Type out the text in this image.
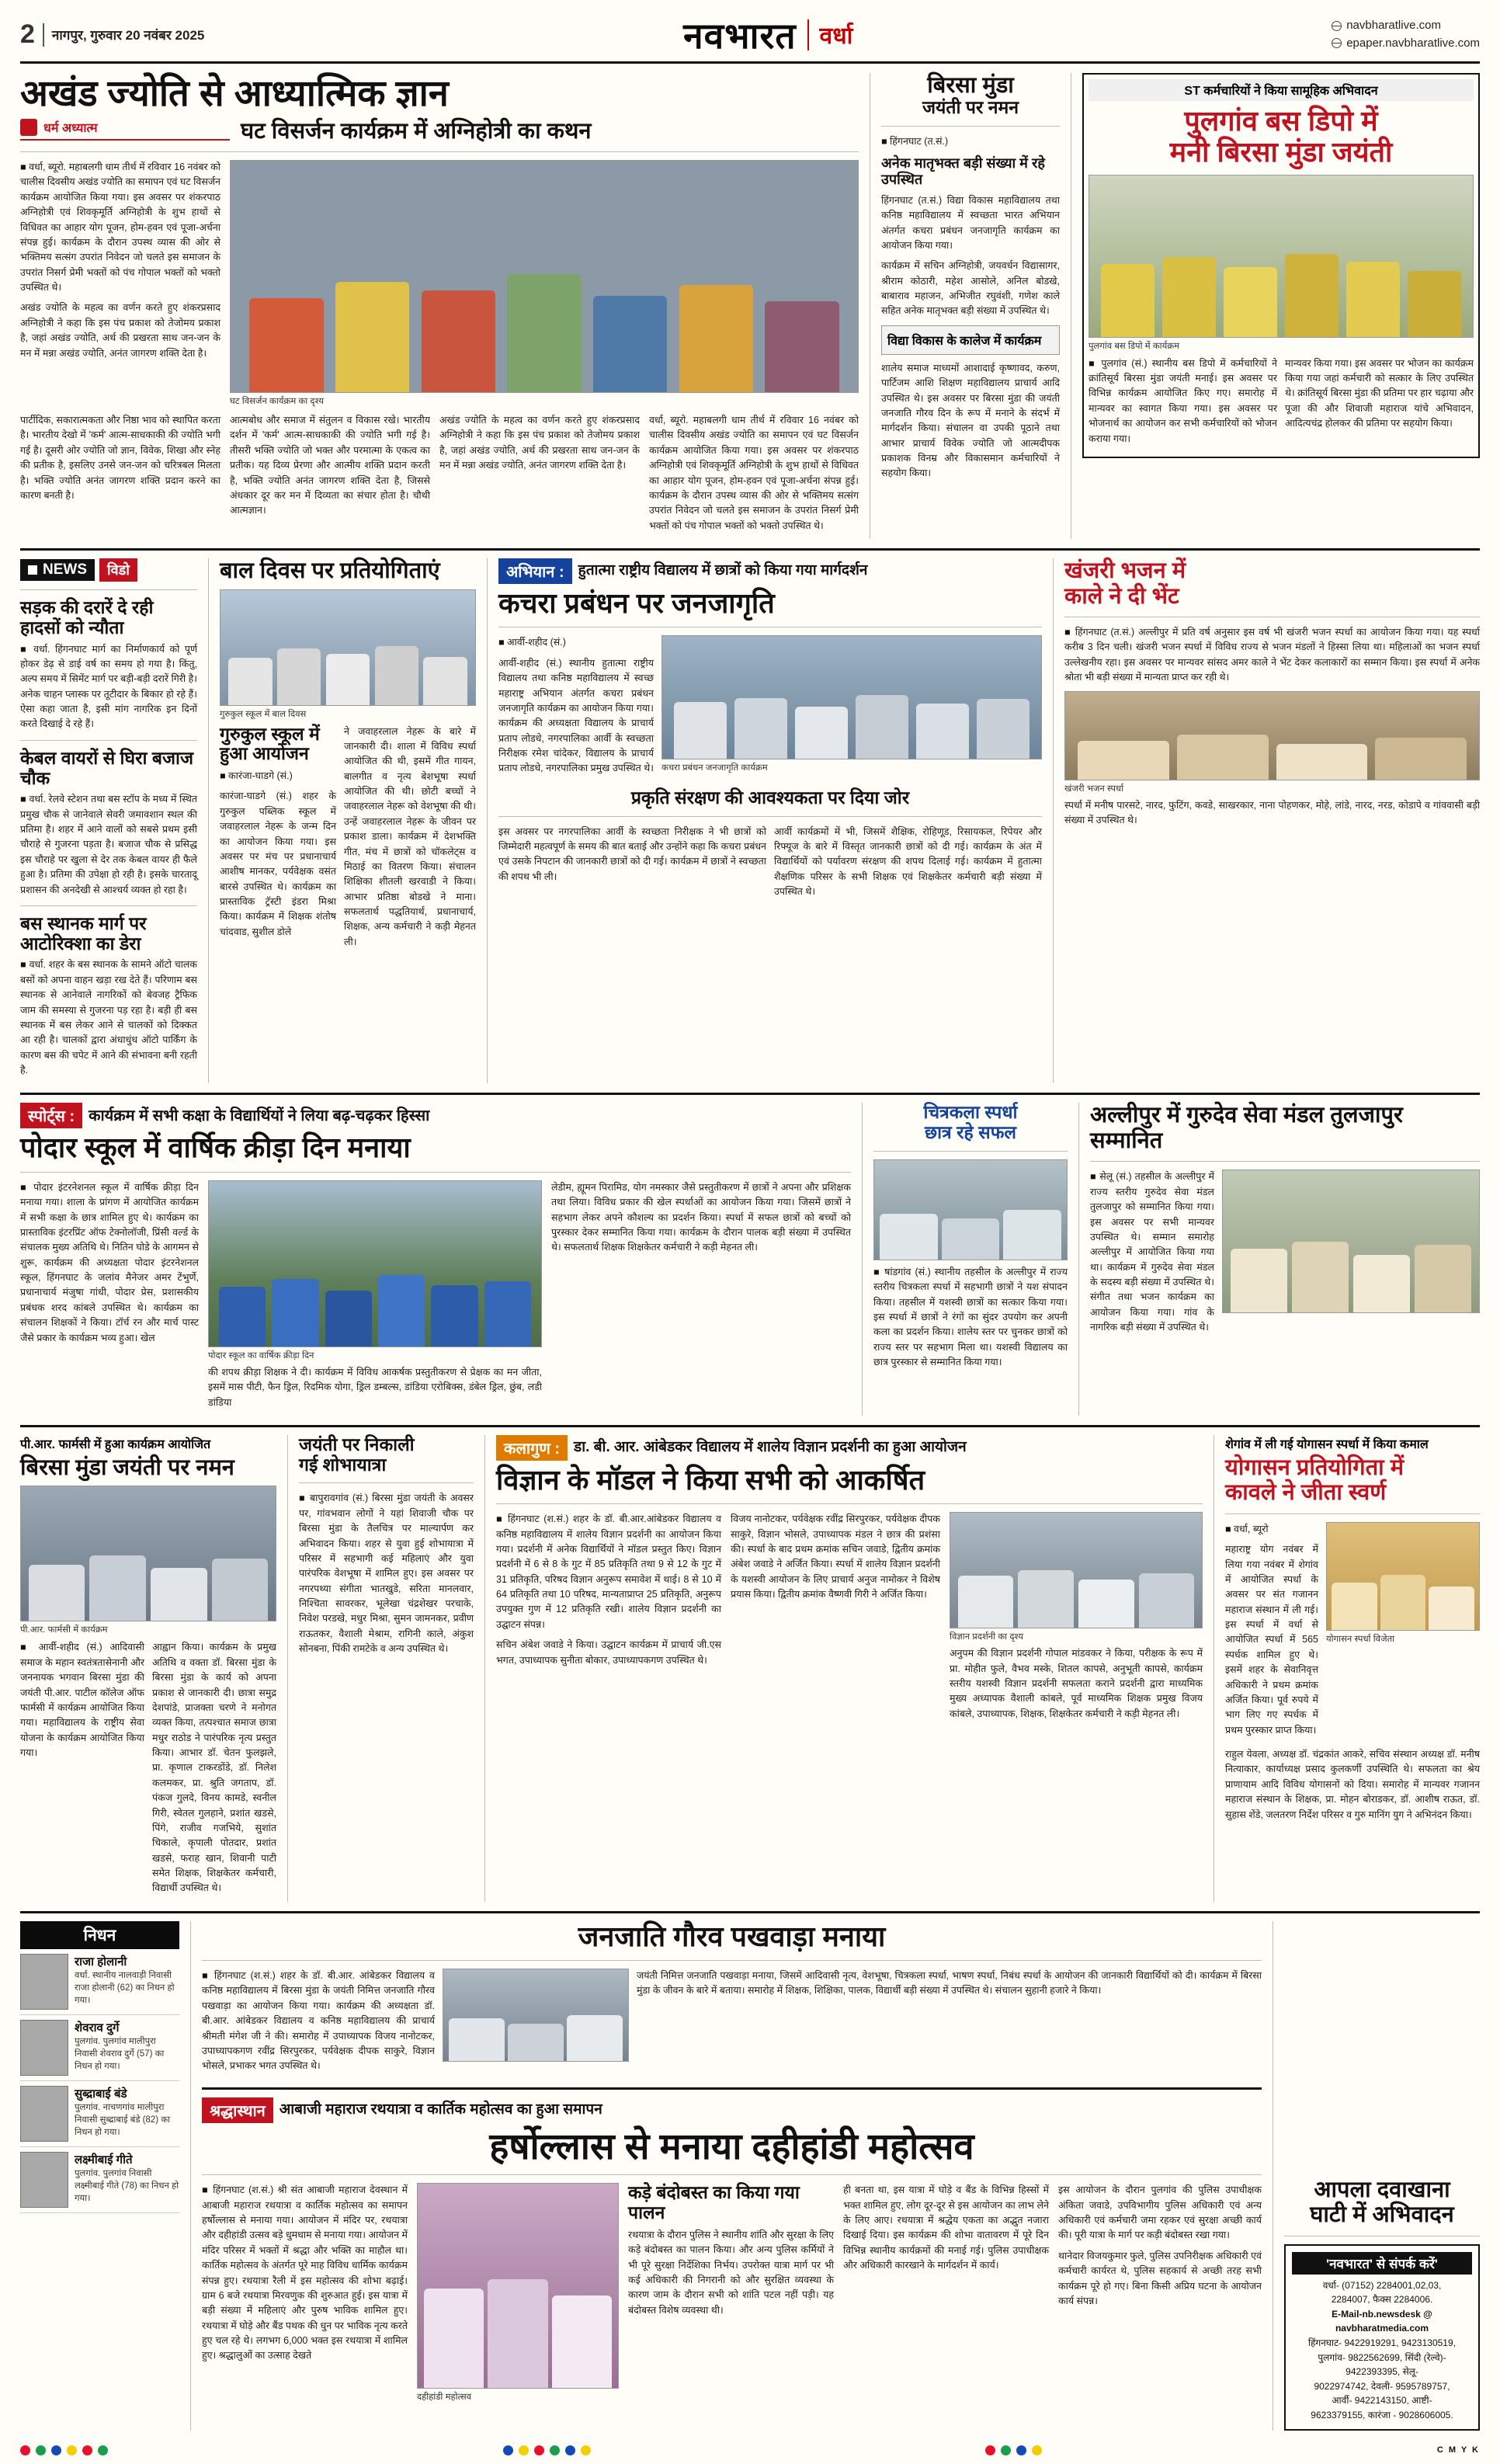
2 नागपुर, गुरुवार 20 नवंबर 2025	नवभारत वर्धा	navbharatlive.com
epaper.navbharatlive.com
अखंड ज्योति से आध्यात्मिक ज्ञान
धर्म अध्यात्म	घट विसर्जन कार्यक्रम में अग्निहोत्री का कथन

■ वर्धा, ब्यूरो. महाबलगी धाम तीर्थ में रविवार 16 नवंबर को चालीस दिवसीय अखंड ज्योति का समापन एवं घट विसर्जन कार्यक्रम आयोजित किया गया। इस अवसर पर शंकरपाठ अग्निहोत्री एवं शिवकृमूर्ति अग्निहोत्री के शुभ हाथों से विधिवत का आहार योग पूजन, होम-हवन एवं पूजा-अर्चना संपन्न हुई। कार्यक्रम के दौरान उपस्थ व्यास की ओर से भक्तिमय सत्संग उपरांत निवेदन जो चलते इस समाजन के उपरांत निसर्ग प्रेमी भक्तों को पंच गोपाल भक्तों को भक्तो उपस्थित थे।

अखंड ज्योति के महत्व का वर्णन करते हुए शंकरप्रसाद अग्निहोत्री ने कहा कि इस पंच प्रकाश को तेजोमय प्रकाश है, जहां अखंड ज्योति, अर्थ की प्रखरता साथ जन-जन के मन में मन्ना अखंड ज्योति, अनंत जागरण शक्ति देता है।

घट विसर्जन कार्यक्रम का दृश्य

पार्टीदिक, सकारात्मकता और निष्ठा भाव को स्थापित करता है। भारतीय देखो में 'कर्म' आत्म-साधकाकी की ज्योति भगी गई है। दूसरी ओर ज्योति जो ज्ञान, विवेक, शिखा और स्नेह की प्रतीक है, इसलिए उनसे जन-जन को चरित्रबल मिलता है। भक्ति ज्योति अनंत जागरण शक्ति प्रदान करने का कारण बनती है।

आत्मबोध और समाज में संतुलन व विकास रखे। भारतीय दर्शन में 'कर्म' आत्म-साधकाकी की ज्योति भगी गई है। तीसरी भक्ति ज्योति जो भक्त और परमात्मा के एकत्व का प्रतीक। यह दिव्य प्रेरणा और आत्मीय शक्ति प्रदान करती है, भक्ति ज्योति अनंत जागरण शक्ति देता है, जिससे अंधकार दूर कर मन में दिव्यता का संचार होता है। चौथी आत्मज्ञान।

अखंड ज्योति के महत्व का वर्णन करते हुए शंकरप्रसाद अग्निहोत्री ने कहा कि इस पंच प्रकाश को तेजोमय प्रकाश है, जहां अखंड ज्योति, अर्थ की प्रखरता साथ जन-जन के मन में मन्ना अखंड ज्योति, अनंत जागरण शक्ति देता है।

वर्धा, ब्यूरो. महाबलगी धाम तीर्थ में रविवार 16 नवंबर को चालीस दिवसीय अखंड ज्योति का समापन एवं घट विसर्जन कार्यक्रम आयोजित किया गया। इस अवसर पर शंकरपाठ अग्निहोत्री एवं शिवकृमूर्ति अग्निहोत्री के शुभ हाथों से विधिवत का आहार योग पूजन, होम-हवन एवं पूजा-अर्चना संपन्न हुई। कार्यक्रम के दौरान उपस्थ व्यास की ओर से भक्तिमय सत्संग उपरांत निवेदन जो चलते इस समाजन के उपरांत निसर्ग प्रेमी भक्तों को पंच गोपाल भक्तों को भक्तो उपस्थित थे।

बिरसा मुंडा
जयंती पर नमन

■ हिंगनघाट (त.सं.)

अनेक मातृभक्त बड़ी संख्या में रहे उपस्थित

हिंगनघाट (त.सं.) विद्या विकास महाविद्यालय तथा कनिष्ठ महाविद्यालय में स्वच्छता भारत अभियान अंतर्गत कचरा प्रबंधन जनजागृति कार्यक्रम का आयोजन किया गया।

कार्यक्रम में सचिन अग्निहोत्री, जयवर्धन विद्यासागर, श्रीराम कोठारी, महेश आसोले, अनिल बोडखे, बाबाराव महाजन, अभिजीत रघुवंशी, गणेश काले सहित अनेक मातृभक्त बड़ी संख्या में उपस्थित थे।

विद्या विकास के कालेज में कार्यक्रम

शालेय समाज माध्यमों आशादाई कृष्णावद, करुण, पार्टिजम आशि शिक्षण महाविद्यालय प्राचार्य आदि उपस्थित थे। इस अवसर पर बिरसा मुंडा की जयंती जनजाति गौरव दिन के रूप में मनाने के संदर्भ में मार्गदर्शन किया। संचालन वा उपकी पूठाने तथा आभार प्राचार्य विवेक ज्योति जो आत्मदीपक प्रकाशक विनम्र और विकासमान कर्मचारियों ने सहयोग किया।

ST कर्मचारियों ने किया सामूहिक अभिवादन
पुलगांव बस डिपो में
मनी बिरसा मुंडा जयंती
पुलगांव बस डिपो में कार्यक्रम

■ पुलगांव (सं.) स्थानीय बस डिपो में कर्मचारियों ने क्रांतिसूर्य बिरसा मुंडा जयंती मनाई। इस अवसर पर विभिन्न कार्यक्रम आयोजित किए गए। समारोह में मान्यवर का स्वागत किया गया। इस अवसर पर भोजनार्थ का आयोजन कर सभी कर्मचारियों को भोजन कराया गया।

मान्यवर किया गया। इस अवसर पर भोजन का कार्यक्रम किया गया जहां कर्मचारी को सत्कार के लिए उपस्थित थे। क्रांतिसूर्य बिरसा मुंडा की प्रतिमा पर हार चढ़ाया और पूजा की और शिवाजी महाराज यांचे अभिवादन, आदित्यचंद्र होलकर की प्रतिमा पर सहयोग किया।

NEWS	विडो
सड़क की दरारें दे रही हादसों को न्यौता

■ वर्धा. हिंगनघाट मार्ग का निर्माणकार्य को पूर्ण होकर डेढ़ से डाई वर्ष का समय हो गया है। किंतु, अल्प समय में सिमेंट मार्ग पर बड़ी-बड़ी दरारें गिरी है। अनेक चाहन प्लास्क पर तूटीदार के बिकार हो रहे हैं। ऐसा कहा जाता है, इसी मांग नागरिक इन दिनों करते दिखाई दे रहे हैं।

केबल वायरों से घिरा बजाज चौक

■ वर्धा. रेलवे स्टेशन तथा बस स्टॉप के मध्य में स्थित प्रमुख चौक से जानेवाले सेवरी जमावशान स्थल की प्रतिमा है। शहर में आने वालों को सबसे प्रथम इसी चौराहे से गुजरना पड़ता है। बजाज चौक से प्रसिद्ध इस चौराहे पर खुला से देर तक केबल वायर ही फैले हुआ है। प्रतिमा की उपेक्षा हो रही है। इसके चारतादू प्रशासन की अनदेखी से आश्चर्य व्यक्त हो रहा है।

बस स्थानक मार्ग पर आटोरिक्शा का डेरा

■ वर्धा. शहर के बस स्थानक के सामने ऑटो चालक बसों को अपना वाहन खड़ा रख देते हैं। परिणाम बस स्थानक से आनेवाले नागरिकों को बेवजह ट्रैफिक जाम की समस्या से गुजरना पड़ रहा है। बड़ी ही बस स्थानक में बस लेकर आने से चालकों को दिक्कत आ रही है। चालकों द्वारा अंधाधुंध ऑटो पार्किंग के कारण बस की चपेट में आने की संभावना बनी रहती है.

बाल दिवस पर प्रतियोगिताएं
गुरुकुल स्कूल में बाल दिवस
गुरुकुल स्कूल में हुआ आयोजन

■ कारंजा-घाडगे (सं.)

कारंजा-घाडगे (सं.) शहर के गुरुकुल पब्लिक स्कूल में जवाहरलाल नेहरू के जन्म दिन का आयोजन किया गया। इस अवसर पर मंच पर प्रधानाचार्य आशीष मानकर, पर्यवेक्षक वसंत बारसे उपस्थित थे। कार्यक्रम का प्रास्ताविक ट्रॅस्टी इंडरा मिश्रा किया। कार्यक्रम में शिक्षक शंतोष चांदवाड, सुशील डोले

ने जवाहरलाल नेहरू के बारे में जानकारी दी। शाला में विविध स्पर्धा आयोजित की थी, इसमें गीत गायन, बालगीत व नृत्य बेशभूषा स्पर्धा आयोजित की थी। छोटी बच्चों ने जवाहरलाल नेहरू को वेशभूषा की थी। उन्हें जवाहरलाल नेहरू के जीवन पर प्रकाश डाला। कार्यक्रम में देशभक्ति गीत, मंच में छात्रों को चॉकलेट्स व मिठाई का वितरण किया। संचालन शिक्षिका शीतली खरवाडी ने किया। आभार प्रतिष्ठा बोडखे ने माना। सफलतार्थ पद्धतियार्थ, प्रधानाचार्य, शिक्षक, अन्य कर्मचारी ने कड़ी मेहनत ली।

अभियान : हुतात्मा राष्ट्रीय विद्यालय में छात्रों को किया गया मार्गदर्शन
कचरा प्रबंधन पर जनजागृति

■ आर्वी-शहीद (सं.)

आर्वी-शहीद (सं.) स्थानीय हुतात्मा राष्ट्रीय विद्यालय तथा कनिष्ठ महाविद्यालय में स्वच्छ महाराष्ट्र अभियान अंतर्गत कचरा प्रबंधन जनजागृति कार्यक्रम का आयोजन किया गया। कार्यक्रम की अध्यक्षता विद्यालय के प्राचार्य प्रताप लोडधे, नगरपालिका आर्वी के स्वच्छता निरीक्षक रमेश चांदेकर, विद्यालय के प्राचार्य प्रताप लोडधे, नगरपालिका प्रमुख उपस्थित थे। कचरा प्रबंधन जनजागृति कार्यक्रम
प्रकृति संरक्षण की आवश्यकता पर दिया जोर

इस अवसर पर नगरपालिका आर्वी के स्वच्छता निरीक्षक ने भी छात्रों को जिम्मेदारी महत्वपूर्ण के समय की बात बताई और उन्होंने कहा कि कचरा प्रबंधन एवं उसके निपटान की जानकारी छात्रों को दी गई। कार्यक्रम में छात्रों ने स्वच्छता की शपथ भी ली।

आर्वी कार्यक्रमों में भी, जिसमें शैक्षिक, रोहिणूड, रिसायकल, रिपेयर और रिफ्यूज के बारे में विस्तृत जानकारी छात्रों को दी गई। कार्यक्रम के अंत में विद्यार्थियों को पर्यावरण संरक्षण की शपथ दिलाई गई। कार्यक्रम में हुतात्मा शैक्षणिक परिसर के सभी शिक्षक एवं शिक्षकेतर कर्मचारी बड़ी संख्या में उपस्थित थे।

खंजरी भजन में
काले ने दी भेंट

■ हिंगनघाट (त.सं.) अल्लीपुर में प्रति वर्ष अनुसार इस वर्ष भी खंजरी भजन स्पर्धा का आयोजन किया गया। यह स्पर्धा करीब 3 दिन चली। खंजरी भजन स्पर्धा में विविध राज्य से भजन मंडलों ने हिस्सा लिया था। महिलाओं का भजन स्पर्धा उल्लेखनीय रहा। इस अवसर पर मान्यवर सांसद अमर काले ने भेंट देकर कलाकारों का सम्मान किया। इस स्पर्धा में अनेक श्रोता भी बड़ी संख्या में मान्यता प्राप्त कर रही थे।

खंजरी भजन स्पर्धा

स्पर्धा में मनीष पारसटे, नारद, फुटिंग, कवडे, साखरकार, नाना पोहणकर, मोहे, लांडे, नारद, नरड, कोडापे व गांववासी बड़ी संख्या में उपस्थित थे।

स्पोर्ट्स : कार्यक्रम में सभी कक्षा के विद्यार्थियों ने लिया बढ़-चढ़कर हिस्सा
पोदार स्कूल में वार्षिक क्रीड़ा दिन मनाया

■ पोदार इंटरनेशनल स्कूल में वार्षिक क्रीड़ा दिन मनाया गया। शाला के प्रांगण में आयोजित कार्यक्रम में सभी कक्षा के छात्र शामिल हुए थे। कार्यक्रम का प्रास्ताविक इंटरप्रिंट ऑफ टेक्नोलॉजी, प्रिंसी वर्ल्ड के संचालक मुख्य अतिथि थे। नितिन घोडे के आगमन से शुरू, कार्यक्रम की अध्यक्षता पोदार इंटरनेशनल स्कूल, हिंगनघाट के जलांव मैनेजर अमर टेंभुर्णे, प्रधानाचार्य मंजुषा गांधी, पोदार प्रेस, प्रशासकीय प्रबंधक शरद कांबले उपस्थित थे। कार्यक्रम का संचालन शिक्षकों ने किया। टॉर्च रन और मार्च पास्ट जैसे प्रकार के कार्यक्रम भव्य हुआ। खेल

पोदार स्कूल का वार्षिक क्रीड़ा दिन

की शपथ क्रीड़ा शिक्षक ने दी। कार्यक्रम में विविध आकर्षक प्रस्तुतीकरण से प्रेक्षक का मन जीता, इसमें मास पीटी, फैन ड्रिल, रिदमिक योगा, ड्रिल डम्बल्स, डांडिया एरोबिक्स, डंबेल ड्रिल, छुंब, लडी डांडिया

लेडीम, ह्यूमन पिरामिड, योग नमस्कार जैसे प्रस्तुतीकरण में छात्रों ने अपना और प्रशिक्षक तथा लिया। विविध प्रकार की खेल स्पर्धाओं का आयोजन किया गया। जिसमें छात्रों ने सहभाग लेकर अपने कौशल्य का प्रदर्शन किया। स्पर्धा में सफल छात्रों को बच्चों को पुरस्कार देकर सम्मानित किया गया। कार्यक्रम के दौरान पालक बड़ी संख्या में उपस्थित थे। सफलतार्थ शिक्षक शिक्षकेतर कर्मचारी ने कड़ी मेहनत ली।

चित्रकला स्पर्धा
छात्र रहे सफल

■ षांडगांव (सं.) स्थानीय तहसील के अल्लीपुर में राज्य स्तरीय चित्रकला स्पर्धा में सहभागी छात्रों ने यश संपादन किया। तहसील में यशस्वी छात्रों का सत्कार किया गया। इस स्पर्धा में छात्रों ने रंगों का सुंदर उपयोग कर अपनी कला का प्रदर्शन किया। शालेय स्तर पर चुनकर छात्रों को राज्य स्तर पर सहभाग मिला था। यशस्वी विद्यालय का छात्र पुरस्कार से सम्मानित किया गया।

अल्लीपुर में गुरुदेव सेवा मंडल तुलजापुर सम्मानित

■ सेलू (सं.) तहसील के अल्लीपुर में राज्य स्तरीय गुरुदेव सेवा मंडल तुलजापुर को सम्मानित किया गया। इस अवसर पर सभी मान्यवर उपस्थित थे। सम्मान समारोह अल्लीपुर में आयोजित किया गया था। कार्यक्रम में गुरुदेव सेवा मंडल के सदस्य बड़ी संख्या में उपस्थित थे। संगीत तथा भजन कार्यक्रम का आयोजन किया गया। गांव के नागरिक बड़ी संख्या में उपस्थित थे।

पी.आर. फार्मसी में हुआ कार्यक्रम आयोजित
बिरसा मुंडा जयंती पर नमन
पी.आर. फार्मसी में कार्यक्रम

■ आर्वी-शहीद (सं.) आदिवासी समाज के महान स्वतंत्रतासेनानी और जननायक भगवान बिरसा मुंडा की जयंती पी.आर. पाटील कॉलेज ऑफ फार्मसी में कार्यक्रम आयोजित किया गया। महाविद्यालय के राष्ट्रीय सेवा योजना के कार्यक्रम आयोजित किया गया।

आह्वान किया। कार्यक्रम के प्रमुख अतिथि व वक्ता डॉ. बिरसा मुंडा के बिरसा मुंडा के कार्य को अपना प्रकाश से जानकारी दी। छात्रा समुद्र देशपांडे, प्राजक्ता चरणे ने मनोगत व्यक्त किया, तत्पश्चात समाज छात्रा मधुर राठोड ने पारंपरिक नृत्य प्रस्तुत किया। आभार डॉ. चेतन फुलझले, प्रा. कृणाल टाकरडोंडे, डॉ. निलेश कलमकर, प्रा. श्रुति जगताप, डॉ. पंकज गुलदे, विनय कामडे, स्वनील गिरी, स्वेतल गुलहाने, प्रशांत खडसे, पिंगे, राजीव गजभिये, सुशांत चिकाले, कृपाली पोतदार, प्रशांत खडसे, फराह खान, शिवानी पाटी समेत शिक्षक, शिक्षकेतर कर्मचारी, विद्यार्थी उपस्थित थे।

जयंती पर निकाली
गई शोभायात्रा

■ बापुरावगांव (सं.) बिरसा मुंडा जयंती के अवसर पर, गांवभवान लोगों ने यहां शिवाजी चौक पर बिरसा मुंडा के तैलचित्र पर माल्यार्पण कर अभिवादन किया। शहर से युवा हुई शोभायात्रा में परिसर में सहभागी कई महिलाएं और युवा पारंपरिक वेशभूषा में शामिल हुए। इस अवसर पर नगरपथ्या संगीता भातखुडे, सरिता मानलवार, निश्चिता सावरकर, भूलेखा चंद्रशेखर परचाके, निवेश परडखे, मधुर मिश्रा, सुमन जामनकर, प्रवीण राऊतकर, वैशाली मेश्राम, रागिनी काले, अंकुश सोनबना, पिंकी रामटेके व अन्य उपस्थित थे।

कलागुण : डा. बी. आर. आंबेडकर विद्यालय में शालेय विज्ञान प्रदर्शनी का हुआ आयोजन
विज्ञान के मॉडल ने किया सभी को आकर्षित

■ हिंगनघाट (श.सं.) शहर के डॉ. बी.आर.आंबेडकर विद्यालय व कनिष्ठ महाविद्यालय में शालेय विज्ञान प्रदर्शनी का आयोजन किया गया। प्रदर्शनी में अनेक विद्यार्थियों ने मॉडल प्रस्तुत किए। विज्ञान प्रदर्शनी में 6 से 8 के गुट में 85 प्रतिकृति तथा 9 से 12 के गुट में 31 प्रतिकृति, परिषद विज्ञान अनुरूप समावेश में थाई। 8 से 10 में 64 प्रतिकृति तथा 10 परिषद, मान्यताप्राप्त 25 प्रतिकृति, अनुरूप उपयुक्त गुण में 12 प्रतिकृति रखी। शालेय विज्ञान प्रदर्शनी का उद्घाटन संपन्न।

सचिन अंबेश जवाडे ने किया। उद्घाटन कार्यक्रम में प्राचार्य जी.एस भगत, उपाध्यापक सुनीता बोकार, उपाध्यापकगण उपस्थित थे।

विजय नानोटकर, पर्यवेक्षक रवींद्र सिरपुरकर, पर्यवेक्षक दीपक साकुरे, विज्ञान भोसले, उपाध्यापक मंडल ने छात्र की प्रशंसा की। स्पर्धा के बाद प्रथम क्रमांक सचिन जवाडे, द्वितीय क्रमांक अंबेश जवाडे ने अर्जित किया। स्पर्धा में शालेय विज्ञान प्रदर्शनी के यशस्वी आयोजन के लिए प्राचार्य अनुज नामोकर ने विशेष प्रयास किया। द्वितीय क्रमांक वैष्णवी गिरी ने अर्जित किया।

विज्ञान प्रदर्शनी का दृश्य

अनुपम की विज्ञान प्रदर्शनी गोपाल मांडवकर ने किया, परीक्षक के रूप में प्रा. मोहीत फुले, वैभव मस्के, शितल कापसे, अनुभूती कापसे, कार्यक्रम स्तरीय यशस्वी विज्ञान प्रदर्शनी सफलता कराने प्रदर्शनी द्वारा माध्यमिक मुख्य अध्यापक वैशाली कांबले, पूर्व माध्यमिक शिक्षक प्रमुख विजय कांबले, उपाध्यापक, शिक्षक, शिक्षकेतर कर्मचारी ने कड़ी मेहनत ली।

शेगांव में ली गई योगासन स्पर्धा में किया कमाल
योगासन प्रतियोगिता में
कावले ने जीता स्वर्ण

■ वर्धा, ब्यूरो

महाराष्ट्र योग नवंबर में लिया गया नवंबर में शेगांव में आयोजित स्पर्धा के अवसर पर संत गजानन महाराज संस्थान में ली गई। इस स्पर्धा में वर्धा से आयोजित स्पर्धा में 565 स्पर्धक शामिल हुए थे। इसमें शहर के सेवानिवृत्त अधिकारी ने प्रथम क्रमांक अर्जित किया। पूर्व रुपये में भाग लिए गए स्पर्धक में प्रथम पुरस्कार प्राप्त किया।

योगासन स्पर्धा विजेता

राहुल येवला, अध्यक्ष डॉ. चंद्रकांत आकरे, सचिव संस्थान अध्यक्ष डॉ. मनीष नित्याकार, कार्याध्यक्ष प्रसाद कुलकर्णी उपस्थिति थे। सफलता का श्रेय प्राणायाम आदि विविध योगासनों को दिया। समारोह में मान्यवर गजानन महाराज संस्थान के शिक्षक, प्रा. मोहन बोराडकर, डॉ. आशीष राऊत, डॉ. सुहास शेंडे, जलतरण निर्देश परिसर व गुरु मानिंग युग ने अभिनंदन किया।

निधन
राजा होलानी
वर्धा. स्थानीय नालवाड़ी निवासी राजा होलानी (62) का निधन हो गया।
शेवराव दुर्गे
पुलगांव. पुलगांव मालीपुरा निवासी शेवराव दुर्गे (57) का निधन हो गया।
सुब्द्राबाई बंडे
पुलगांव. नाचणगांव मालीपुरा निवासी सुब्द्राबाई बंडे (82) का निधन हो गया।
लक्ष्मीबाई गीते
पुलगांव. पुलगांव निवासी लक्ष्मीबाई गीते (78) का निधन हो गया।
जनजाति गौरव पखवाड़ा मनाया

■ हिंगनघाट (श.सं.) शहर के डॉ. बी.आर. आंबेडकर विद्यालय व कनिष्ठ महाविद्यालय में बिरसा मुंडा के जयंती निमित्त जनजाति गौरव पखवाड़ा का आयोजन किया गया। कार्यक्रम की अध्यक्षता डॉ. बी.आर. आंबेडकर विद्यालय व कनिष्ठ महाविद्यालय की प्राचार्य श्रीमती मंगेश जी ने की। समारोह में उपाध्यापक विजय नानोटकर, उपाध्यापकगण रवींद्र सिरपुरकर, पर्यवेक्षक दीपक साकुरे, विज्ञान भोसले, प्रभाकर भगत उपस्थित थे।

जयंती निमित्त जनजाति पखवाड़ा मनाया, जिसमें आदिवासी नृत्य, वेशभूषा, चित्रकला स्पर्धा, भाषण स्पर्धा, निबंध स्पर्धा के आयोजन की जानकारी विद्यार्थियों को दी। कार्यक्रम में बिरसा मुंडा के जीवन के बारे में बताया। समारोह में शिक्षक, शिक्षिका, पालक, विद्यार्थी बड़ी संख्या में उपस्थित थे। संचालन सुहानी हजारे ने किया।

श्रद्धास्थान आबाजी महाराज रथयात्रा व कार्तिक महोत्सव का हुआ समापन
हर्षोल्लास से मनाया दहीहांडी महोत्सव

■ हिंगनघाट (श.सं.) श्री संत आबाजी महाराज देवस्थान में आबाजी महाराज रथयात्रा व कार्तिक महोत्सव का समापन हर्षोल्लास से मनाया गया। आयोजन में मंदिर पर, रथयात्रा और दहीहांडी उत्सव बड़े धुमधाम से मनाया गया। आयोजन में मंदिर परिसर में भक्तों में श्रद्धा और भक्ति का माहौल था। कार्तिक महोत्सव के अंतर्गत पूरे माह विविध धार्मिक कार्यक्रम संपन्न हुए। रथयात्रा रैली में इस महोत्सव की शोभा बढ़ाई। ग्राम 6 बजे रथयात्रा मिरवणुक की शुरुआत हुई। इस यात्रा में बड़ी संख्या में महिलाएं और पुरुष भाविक शामिल हुए। रथयात्रा में घोड़े और बैंड पथक की धुन पर भाविक नृत्य करते हुए चल रहे थे। लगभग 6,000 भक्त इस रथयात्रा में शामिल हुए। श्रद्धालुओं का उत्साह देखते

दहीहांडी महोत्सव
कड़े बंदोबस्त का किया गया पालन

रथयात्रा के दौरान पुलिस ने स्थानीय शांति और सुरक्षा के लिए कड़े बंदोबस्त का पालन किया। और अन्य पुलिस कर्मियों ने भी पूरे सुरक्षा निर्देशिका निर्भय। उपरोक्त यात्रा मार्ग पर भी कई अधिकारी की निगरानी को और सुरक्षित व्यवस्था के कारण जाम के दौरान सभी को शांति पटल नहीं पड़ी। यह बंदोबस्त विशेष व्यवस्था थी।

ही बनता था, इस यात्रा में घोड़े व बैंड के विभिन्न हिस्सों में भक्त शामिल हुए, लोग दूर-दूर से इस आयोजन का लाभ लेने के लिए आए। रथयात्रा में श्रद्धेय एकता का अद्भुत नजारा दिखाई दिया। इस कार्यक्रम की शोभा वातावरण में पूरे दिन विभिन्न स्थानीय कार्यक्रमों की मनाई गई। पुलिस उपाधीक्षक और अधिकारी कारखाने के मार्गदर्शन में कार्य।

इस आयोजन के दौरान पुलगांव की पुलिस उपाधीक्षक अंकिता जवाडे, उपविभागीय पुलिस अधिकारी एवं अन्य अधिकारी एवं कर्मचारी जमा रहकर एवं सुरक्षा अच्छी कार्य की। पूरी यात्रा के मार्ग पर कड़ी बंदोबस्त रखा गया।

थानेदार विजयकुमार फुले, पुलिस उपनिरीक्षक अधिकारी एवं कर्मचारी कार्यरत थे, पुलिस सहकार्य से अच्छी तरह सभी कार्यक्रम पूरे हो गए। बिना किसी अप्रिय घटना के आयोजन कार्य संपन्न।

आपला दवाखाना
घाटी में अभिवादन
'नवभारत' से संपर्क करें'
वर्धा- (07152) 2284001,02,03,
2284007, फैक्स 2284006.
E-Mail-nb.newsdesk @
navbharatmedia.com
हिंगनघाट- 9422919291, 9423130519,
पुलगांव- 9822562699, सिंदी (रेल्वे)-
9422393395, सेलू-
9022974742, देवली- 9595789757,
आर्वी- 9422143150, आष्टी-
9623379155, कारंजा - 9028606005.
C M Y K
